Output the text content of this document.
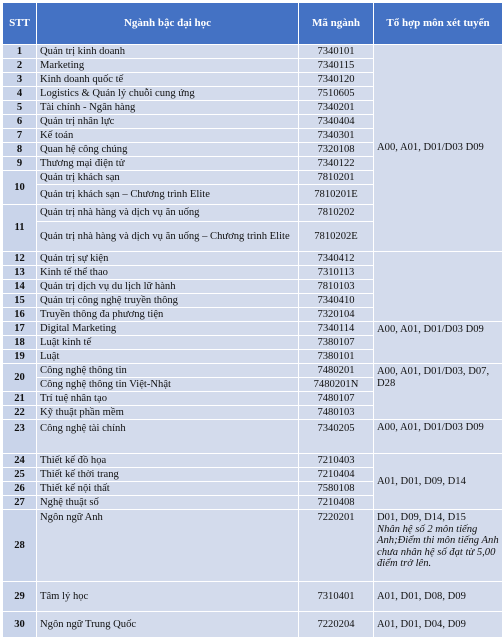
STT	Ngành bậc đại học	Mã ngành	Tổ hợp môn xét tuyển
1	Quản trị kinh doanh	7340101	A00, A01, D01/D03 D09
2	Marketing	7340115	
3	Kinh doanh quốc tế	7340120	
4	Logistics & Quản lý chuỗi cung ứng	7510605	
5	Tài chính - Ngân hàng	7340201	
6	Quản trị nhân lực	7340404	
7	Kế toán	7340301	
8	Quan hệ công chúng	7320108	
9	Thương mại điện tử	7340122	
10	Quản trị khách sạn	7810201	
	Quản trị khách sạn – Chương trình Elite	7810201E	
11	Quản trị nhà hàng và dịch vụ ăn uống	7810202	
	Quản trị nhà hàng và dịch vụ ăn uống – Chương trình Elite	7810202E	
12	Quản trị sự kiện	7340412	
13	Kinh tế thể thao	7310113	
14	Quản trị dịch vụ du lịch lữ hành	7810103	
15	Quản trị công nghệ truyền thông	7340410	
16	Truyền thông đa phương tiện	7320104	
17	Digital Marketing	7340114	A00, A01, D01/D03 D09
18	Luật kinh tế	7380107	
19	Luật	7380101	
20	Công nghệ thông tin	7480201	A00, A01, D01/D03, D07, D28
	Công nghệ thông tin Việt-Nhật	7480201N	
21	Trí tuệ nhân tạo	7480107	
22	Kỹ thuật phần mềm	7480103	
23	Công nghệ tài chính	7340205	A00, A01, D01/D03 D09
24	Thiết kế đồ họa	7210403	A01, D01, D09, D14
25	Thiết kế thời trang	7210404	
26	Thiết kế nội thất	7580108	
27	Nghệ thuật số	7210408	
28	Ngôn ngữ Anh	7220201	D01, D09, D14, D15
Nhân hệ số 2 môn tiếng Anh;Điểm thi môn tiếng Anh chưa nhân hệ số đạt từ 5,00 điểm trở lên.

29	Tâm lý học	7310401	A01, D01, D08, D09
30	Ngôn ngữ Trung Quốc	7220204	A01, D01, D04, D09
